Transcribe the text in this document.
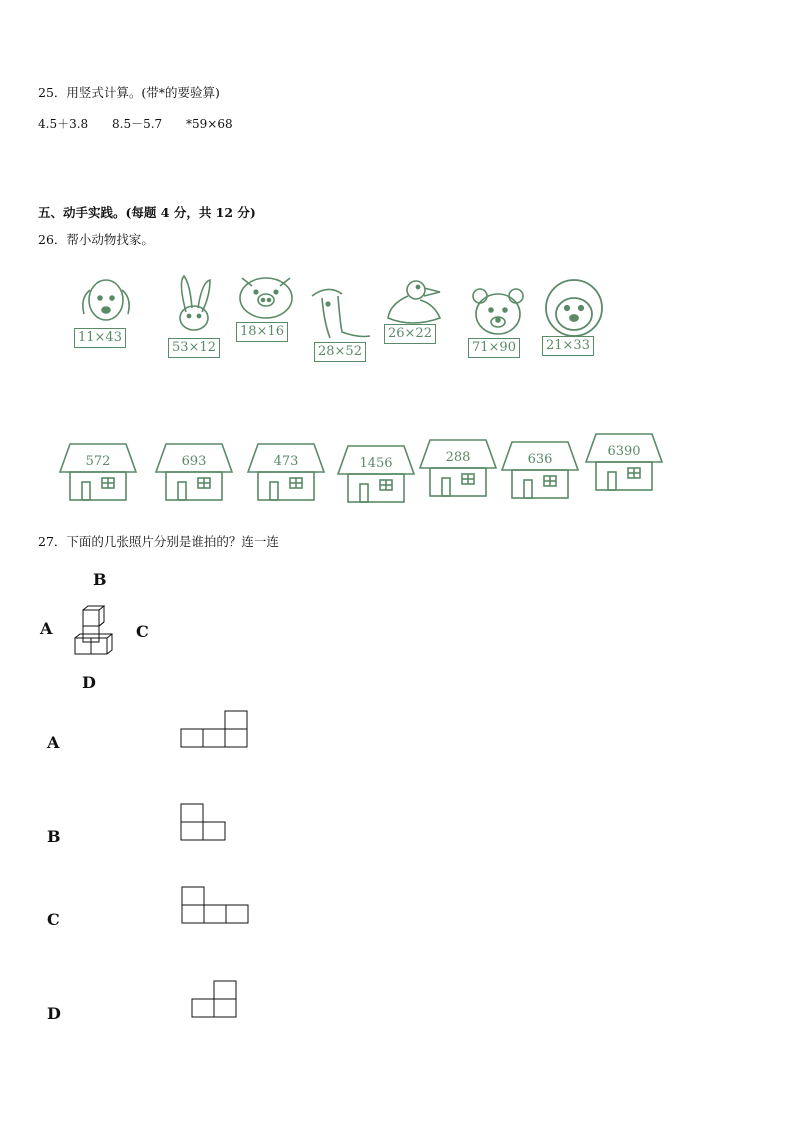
25．用竖式计算。(带*的要验算)
4.5＋3.8 8.5－5.7 *59×68
五、动手实践。(每题 4 分，共 12 分)
26．帮小动物找家。
11×43
53×12
18×16
28×52
26×22
71×90	21×33
572	693	473	1456	288	636
6390
27．下面的几张照片分别是谁拍的？连一连
B
A	C
D
A
B
C
D
